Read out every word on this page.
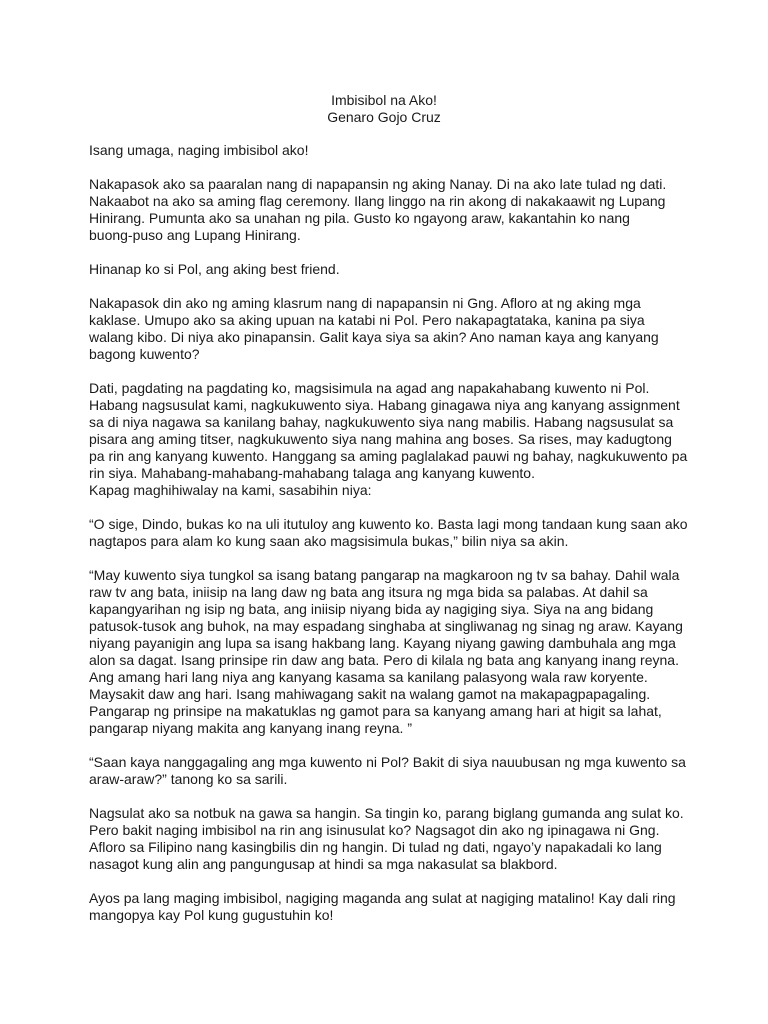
Imbisibol na Ako!
Genaro Gojo Cruz

Isang umaga, naging imbisibol ako!

Nakapasok ako sa paaralan nang di napapansin ng aking Nanay. Di na ako late tulad ng dati.
Nakaabot na ako sa aming flag ceremony. Ilang linggo na rin akong di nakakaawit ng Lupang
Hinirang. Pumunta ako sa unahan ng pila. Gusto ko ngayong araw, kakantahin ko nang
buong-puso ang Lupang Hinirang.

Hinanap ko si Pol, ang aking best friend.

Nakapasok din ako ng aming klasrum nang di napapansin ni Gng. Afloro at ng aking mga
kaklase. Umupo ako sa aking upuan na katabi ni Pol. Pero nakapagtataka, kanina pa siya
walang kibo. Di niya ako pinapansin. Galit kaya siya sa akin? Ano naman kaya ang kanyang
bagong kuwento?

Dati, pagdating na pagdating ko, magsisimula na agad ang napakahabang kuwento ni Pol.
Habang nagsusulat kami, nagkukuwento siya. Habang ginagawa niya ang kanyang assignment
sa di niya nagawa sa kanilang bahay, nagkukuwento siya nang mabilis. Habang nagsusulat sa
pisara ang aming titser, nagkukuwento siya nang mahina ang boses. Sa rises, may kadugtong
pa rin ang kanyang kuwento. Hanggang sa aming paglalakad pauwi ng bahay, nagkukuwento pa
rin siya. Mahabang-mahabang-mahabang talaga ang kanyang kuwento.
Kapag maghihiwalay na kami, sasabihin niya:

“O sige, Dindo, bukas ko na uli itutuloy ang kuwento ko. Basta lagi mong tandaan kung saan ako
nagtapos para alam ko kung saan ako magsisimula bukas,” bilin niya sa akin.

“May kuwento siya tungkol sa isang batang pangarap na magkaroon ng tv sa bahay. Dahil wala
raw tv ang bata, iniisip na lang daw ng bata ang itsura ng mga bida sa palabas. At dahil sa
kapangyarihan ng isip ng bata, ang iniisip niyang bida ay nagiging siya. Siya na ang bidang
patusok-tusok ang buhok, na may espadang singhaba at singliwanag ng sinag ng araw. Kayang
niyang payanigin ang lupa sa isang hakbang lang. Kayang niyang gawing dambuhala ang mga
alon sa dagat. Isang prinsipe rin daw ang bata. Pero di kilala ng bata ang kanyang inang reyna.
Ang amang hari lang niya ang kanyang kasama sa kanilang palasyong wala raw koryente.
Maysakit daw ang hari. Isang mahiwagang sakit na walang gamot na makapagpapagaling.
Pangarap ng prinsipe na makatuklas ng gamot para sa kanyang amang hari at higit sa lahat,
pangarap niyang makita ang kanyang inang reyna. ”

“Saan kaya nanggagaling ang mga kuwento ni Pol? Bakit di siya nauubusan ng mga kuwento sa
araw-araw?” tanong ko sa sarili.

Nagsulat ako sa notbuk na gawa sa hangin. Sa tingin ko, parang biglang gumanda ang sulat ko.
Pero bakit naging imbisibol na rin ang isinusulat ko? Nagsagot din ako ng ipinagawa ni Gng.
Afloro sa Filipino nang kasingbilis din ng hangin. Di tulad ng dati, ngayo’y napakadali ko lang
nasagot kung alin ang pangungusap at hindi sa mga nakasulat sa blakbord.

Ayos pa lang maging imbisibol, nagiging maganda ang sulat at nagiging matalino! Kay dali ring
mangopya kay Pol kung gugustuhin ko!
